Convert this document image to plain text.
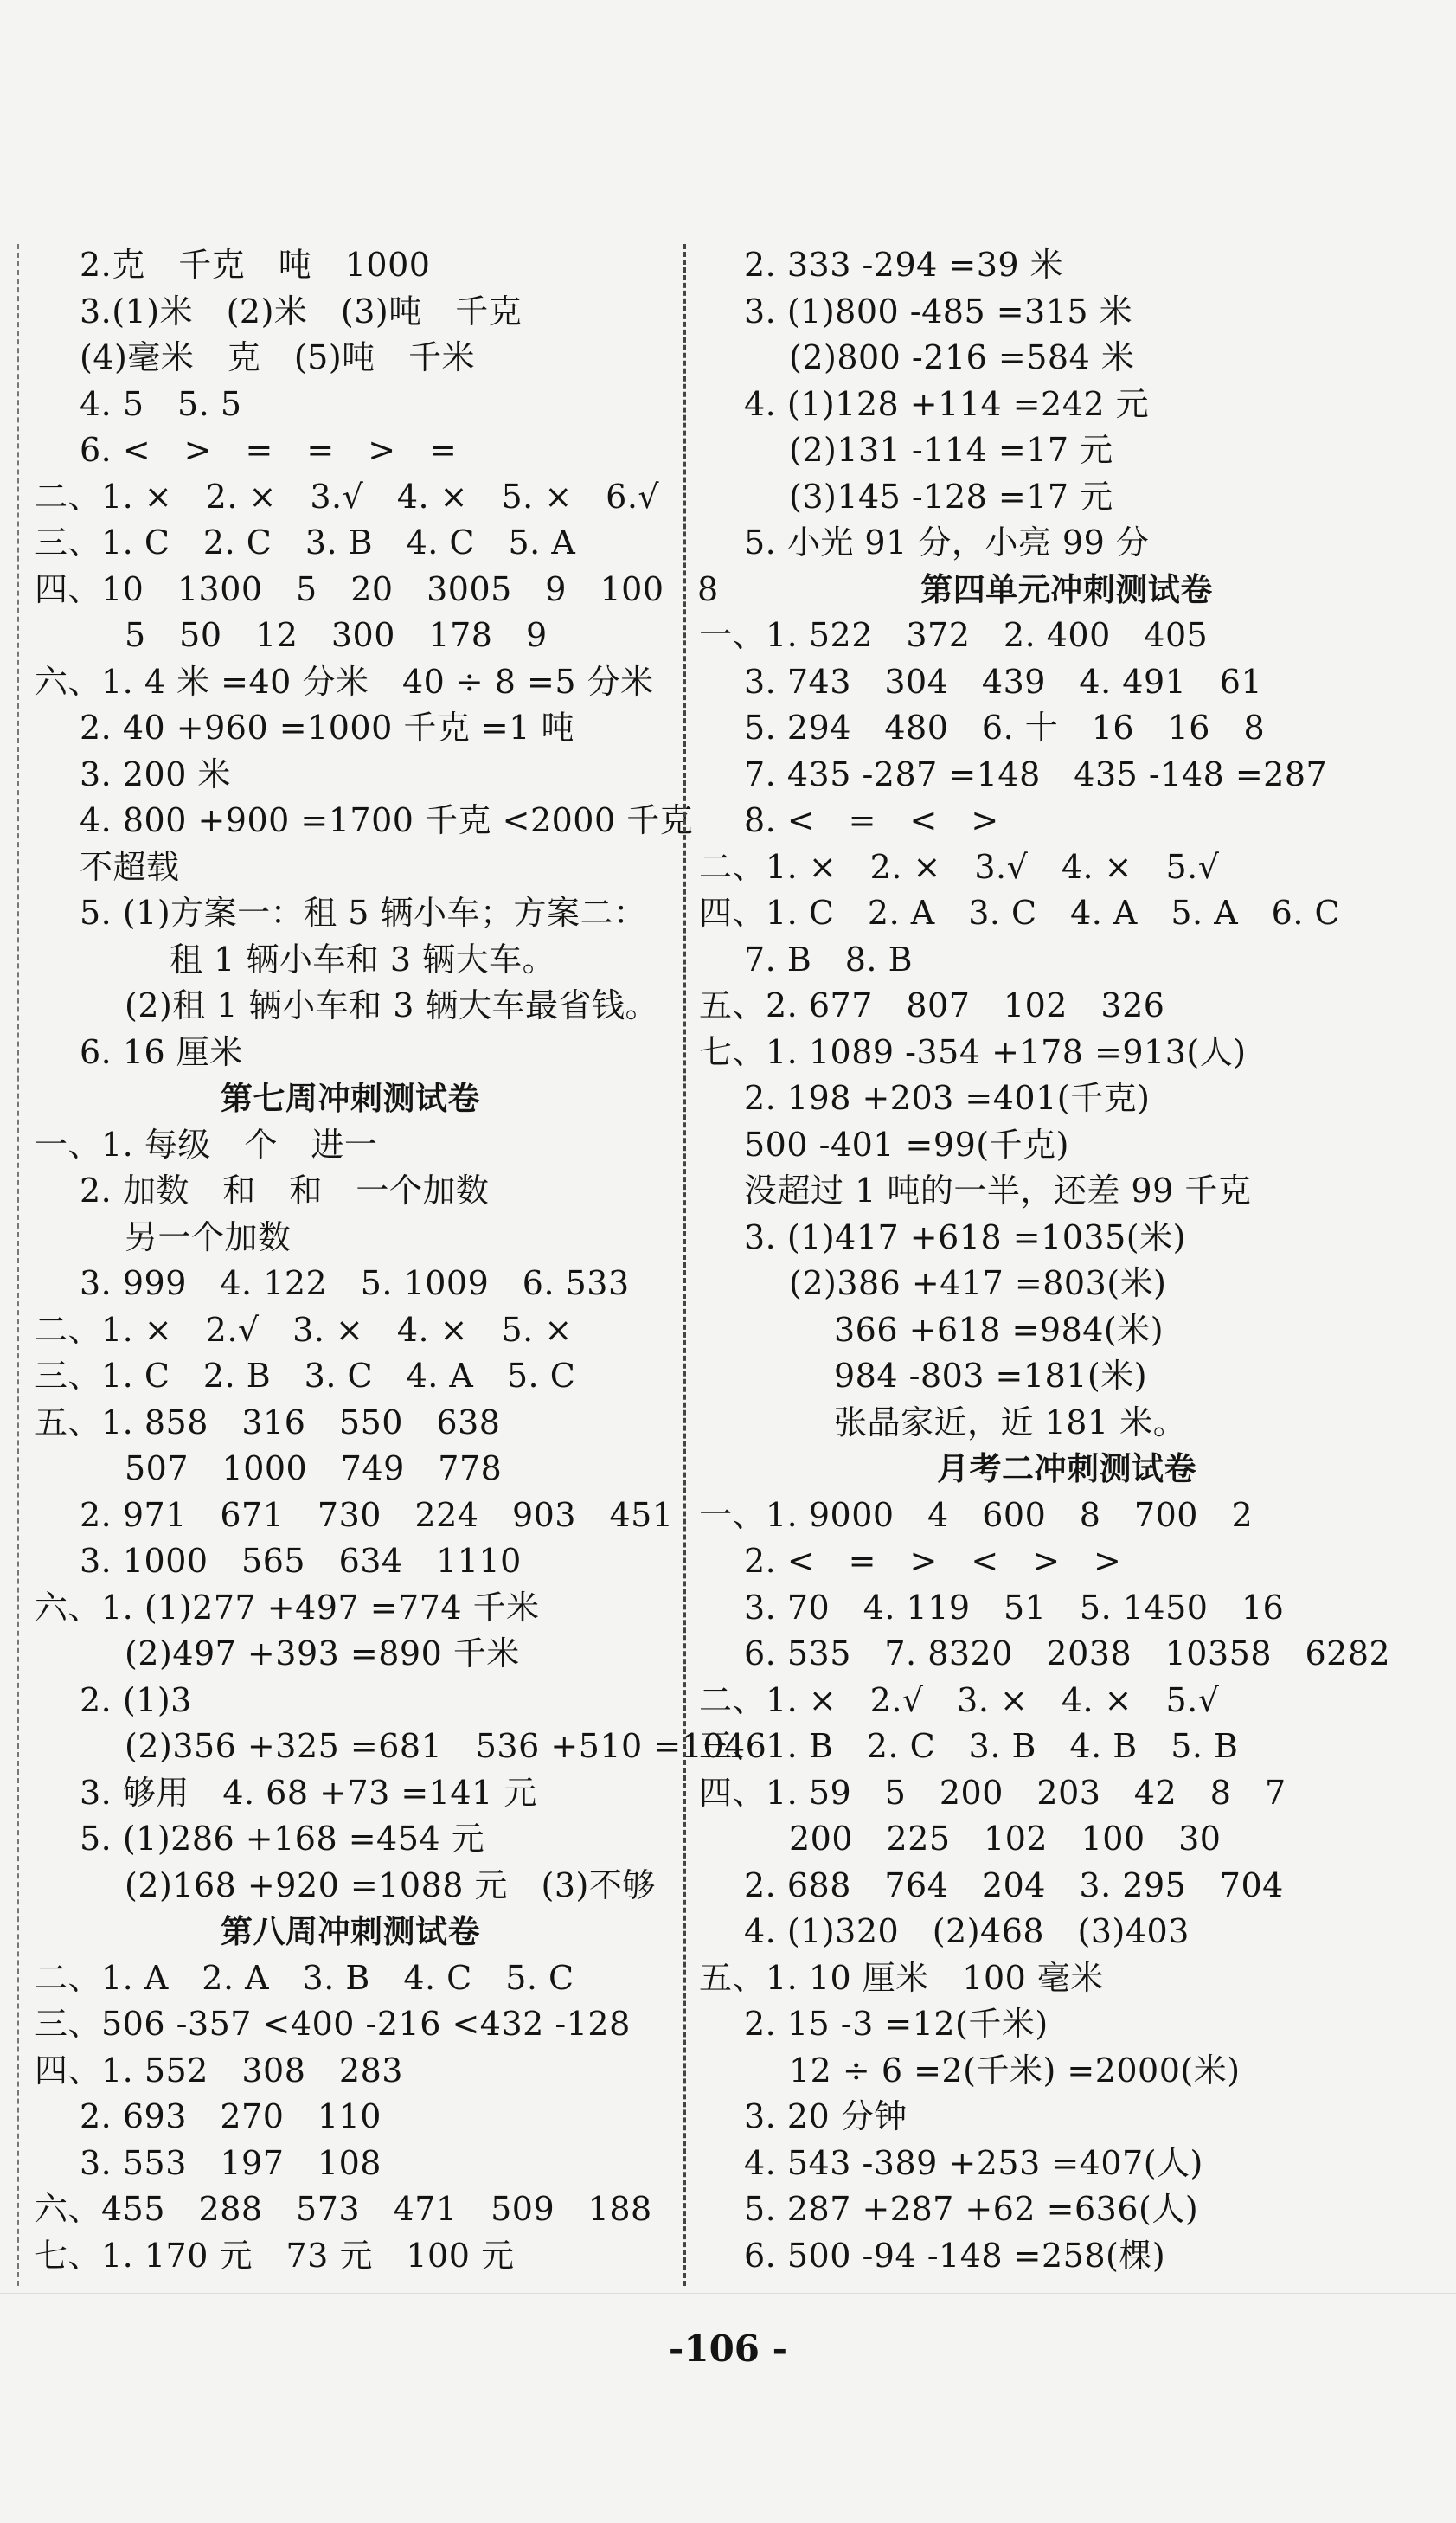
2.克　千克　吨　1000
3.(1)米　(2)米　(3)吨　千克
(4)毫米　克　(5)吨　千米
4. 5　5. 5
6. <　>　=　=　>　=
二、1. ×　2. ×　3.√　4. ×　5. ×　6.√
三、1. C　2. C　3. B　4. C　5. A
四、10　1300　5　20　3005　9　100　8
5　50　12　300　178　9
六、1. 4 米 =40 分米　40 ÷ 8 =5 分米
2. 40 +960 =1000 千克 =1 吨
3. 200 米
4. 800 +900 =1700 千克 <2000 千克
不超载
5. (1)方案一：租 5 辆小车；方案二：
租 1 辆小车和 3 辆大车。
(2)租 1 辆小车和 3 辆大车最省钱。
6. 16 厘米
第七周冲刺测试卷
一、1. 每级　个　进一
2. 加数　和　和　一个加数
另一个加数
3. 999　4. 122　5. 1009　6. 533
二、1. ×　2.√　3. ×　4. ×　5. ×
三、1. C　2. B　3. C　4. A　5. C
五、1. 858　316　550　638
507　1000　749　778
2. 971　671　730　224　903　451
3. 1000　565　634　1110
六、1. (1)277 +497 =774 千米
(2)497 +393 =890 千米
2. (1)3
(2)356 +325 =681　536 +510 =1046
3. 够用　4. 68 +73 =141 元
5. (1)286 +168 =454 元
(2)168 +920 =1088 元　(3)不够
第八周冲刺测试卷
二、1. A　2. A　3. B　4. C　5. C
三、506 -357 <400 -216 <432 -128
四、1. 552　308　283
2. 693　270　110
3. 553　197　108
六、455　288　573　471　509　188
七、1. 170 元　73 元　100 元
2. 333 -294 =39 米
3. (1)800 -485 =315 米
(2)800 -216 =584 米
4. (1)128 +114 =242 元
(2)131 -114 =17 元
(3)145 -128 =17 元
5. 小光 91 分，小亮 99 分
第四单元冲刺测试卷
一、1. 522　372　2. 400　405
3. 743　304　439　4. 491　61
5. 294　480　6. 十　16　16　8
7. 435 -287 =148　435 -148 =287
8. <　=　<　>
二、1. ×　2. ×　3.√　4. ×　5.√
四、1. C　2. A　3. C　4. A　5. A　6. C
7. B　8. B
五、2. 677　807　102　326
七、1. 1089 -354 +178 =913(人)
2. 198 +203 =401(千克)
500 -401 =99(千克)
没超过 1 吨的一半，还差 99 千克
3. (1)417 +618 =1035(米)
(2)386 +417 =803(米)
366 +618 =984(米)
984 -803 =181(米)
张晶家近，近 181 米。
月考二冲刺测试卷
一、1. 9000　4　600　8　700　2
2. <　=　>　<　>　>
3. 70　4. 119　51　5. 1450　16
6. 535　7. 8320　2038　10358　6282
二、1. ×　2.√　3. ×　4. ×　5.√
三、1. B　2. C　3. B　4. B　5. B
四、1. 59　5　200　203　42　8　7
200　225　102　100　30
2. 688　764　204　3. 295　704
4. (1)320　(2)468　(3)403
五、1. 10 厘米　100 毫米
2. 15 -3 =12(千米)
12 ÷ 6 =2(千米) =2000(米)
3. 20 分钟
4. 543 -389 +253 =407(人)
5. 287 +287 +62 =636(人)
6. 500 -94 -148 =258(棵)
-106 -
